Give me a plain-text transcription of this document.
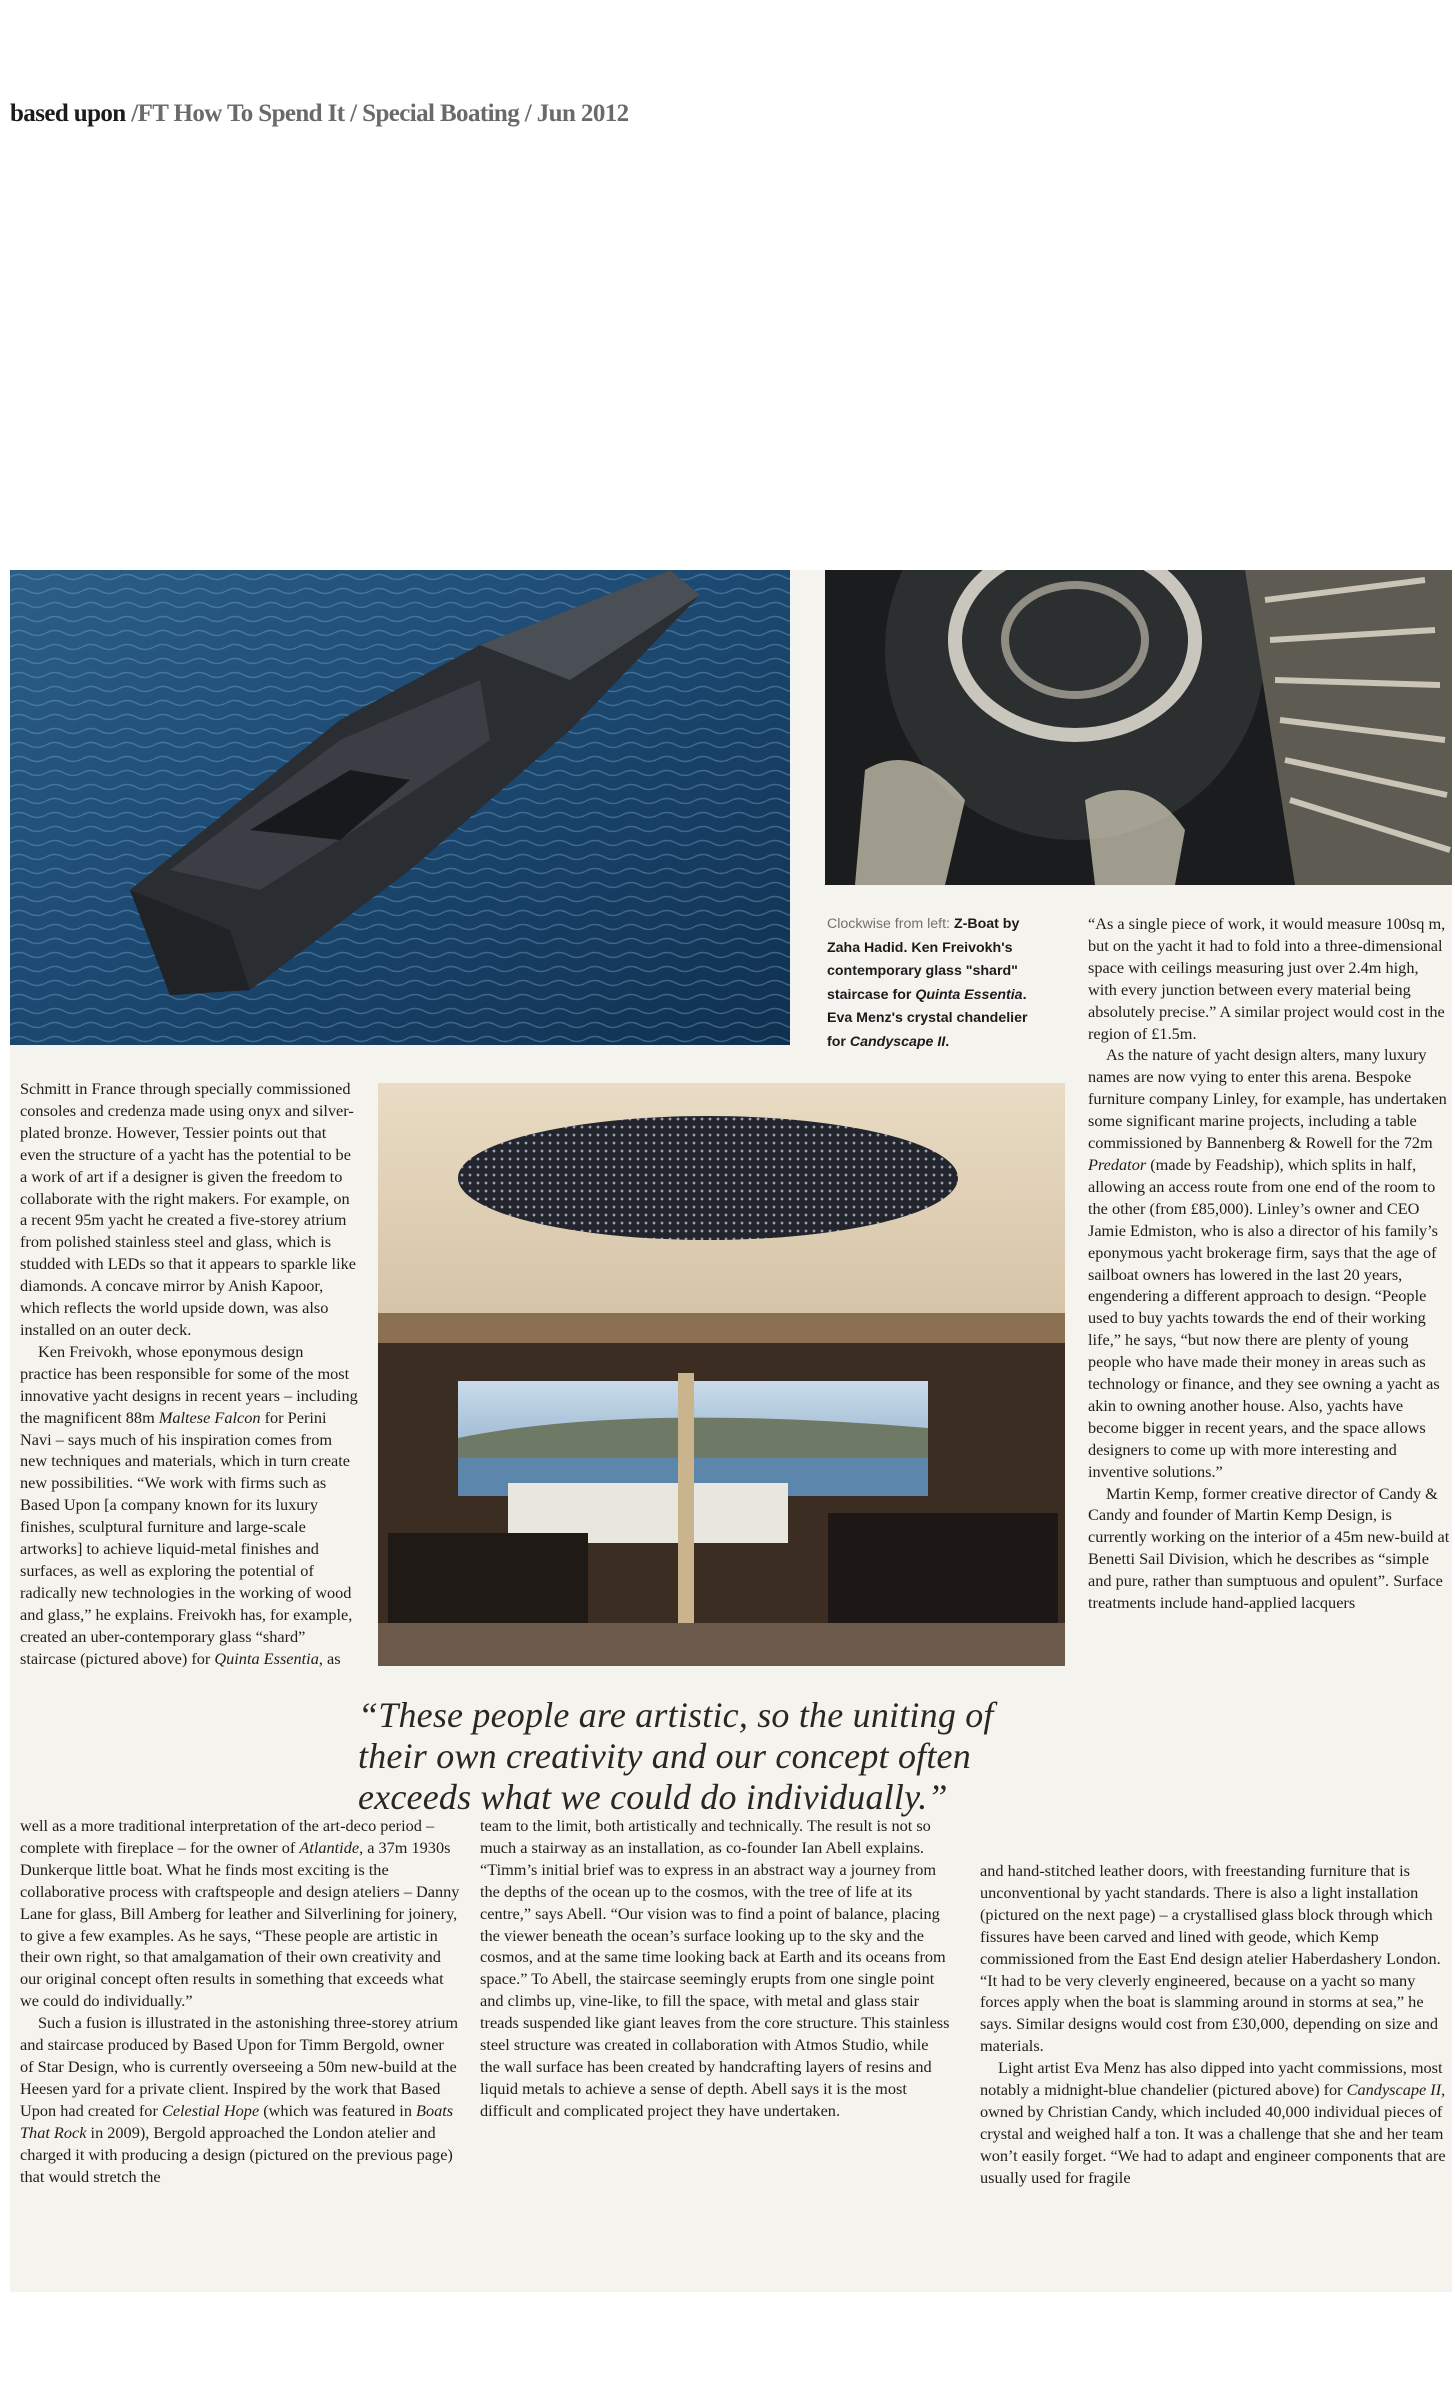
based upon /FT How To Spend It / Special Boating / Jun 2012
Clockwise from left: Z-Boat by Zaha Hadid. Ken Freivokh's contemporary glass "shard" staircase for Quinta Essentia. Eva Menz's crystal chandelier for Candyscape II.

Schmitt in France through specially commissioned consoles and credenza made using onyx and silver-plated bronze. However, Tessier points out that even the structure of a yacht has the potential to be a work of art if a designer is given the freedom to collaborate with the right makers. For example, on a recent 95m yacht he created a five-storey atrium from polished stainless steel and glass, which is studded with LEDs so that it appears to sparkle like diamonds. A concave mirror by Anish Kapoor, which reflects the world upside down, was also installed on an outer deck.

Ken Freivokh, whose eponymous design practice has been responsible for some of the most innovative yacht designs in recent years – including the magnificent 88m Maltese Falcon for Perini Navi – says much of his inspiration comes from new techniques and materials, which in turn create new possibilities. “We work with firms such as Based Upon [a company known for its luxury finishes, sculptural furniture and large-scale artworks] to achieve liquid-metal finishes and surfaces, as well as exploring the potential of radically new technologies in the working of wood and glass,” he explains. Freivokh has, for example, created an uber-contemporary glass “shard” staircase (pictured above) for Quinta Essentia, as

well as a more traditional interpretation of the art-deco period – complete with fireplace – for the owner of Atlantide, a 37m 1930s Dunkerque little boat. What he finds most exciting is the collaborative process with craftspeople and design ateliers – Danny Lane for glass, Bill Amberg for leather and Silverlining for joinery, to give a few examples. As he says, “These people are artistic in their own right, so that amalgamation of their own creativity and our original concept often results in something that exceeds what we could do individually.”

Such a fusion is illustrated in the astonishing three-storey atrium and staircase produced by Based Upon for Timm Bergold, owner of Star Design, who is currently overseeing a 50m new-build at the Heesen yard for a private client. Inspired by the work that Based Upon had created for Celestial Hope (which was featured in Boats That Rock in 2009), Bergold approached the London atelier and charged it with producing a design (pictured on the previous page) that would stretch the

“These people are artistic, so the uniting of their own creativity and our concept often exceeds what we could do individually.”

team to the limit, both artistically and technically. The result is not so much a stairway as an installation, as co-founder Ian Abell explains. “Timm’s initial brief was to express in an abstract way a journey from the depths of the ocean up to the cosmos, with the tree of life at its centre,” says Abell. “Our vision was to find a point of balance, placing the viewer beneath the ocean’s surface looking up to the sky and the cosmos, and at the same time looking back at Earth and its oceans from space.” To Abell, the staircase seemingly erupts from one single point and climbs up, vine-like, to fill the space, with metal and glass stair treads suspended like giant leaves from the core structure. This stainless steel structure was created in collaboration with Atmos Studio, while the wall surface has been created by handcrafting layers of resins and liquid metals to achieve a sense of depth. Abell says it is the most difficult and complicated project they have undertaken.

“As a single piece of work, it would measure 100sq m, but on the yacht it had to fold into a three-dimensional space with ceilings measuring just over 2.4m high, with every junction between every material being absolutely precise.” A similar project would cost in the region of £1.5m.

As the nature of yacht design alters, many luxury names are now vying to enter this arena. Bespoke furniture company Linley, for example, has undertaken some significant marine projects, including a table commissioned by Bannenberg & Rowell for the 72m Predator (made by Feadship), which splits in half, allowing an access route from one end of the room to the other (from £85,000). Linley’s owner and CEO Jamie Edmiston, who is also a director of his family’s eponymous yacht brokerage firm, says that the age of sailboat owners has lowered in the last 20 years, engendering a different approach to design. “People used to buy yachts towards the end of their working life,” he says, “but now there are plenty of young people who have made their money in areas such as technology or finance, and they see owning a yacht as akin to owning another house. Also, yachts have become bigger in recent years, and the space allows designers to come up with more interesting and inventive solutions.”

Martin Kemp, former creative director of Candy & Candy and founder of Martin Kemp Design, is currently working on the interior of a 45m new-build at Benetti Sail Division, which he describes as “simple and pure, rather than sumptuous and opulent”. Surface treatments include hand-applied lacquers

and hand-stitched leather doors, with freestanding furniture that is unconventional by yacht standards. There is also a light installation (pictured on the next page) – a crystallised glass block through which fissures have been carved and lined with geode, which Kemp commissioned from the East End design atelier Haberdashery London. “It had to be very cleverly engineered, because on a yacht so many forces apply when the boat is slamming around in storms at sea,” he says. Similar designs would cost from £30,000, depending on size and materials.

Light artist Eva Menz has also dipped into yacht commissions, most notably a midnight-blue chandelier (pictured above) for Candyscape II, owned by Christian Candy, which included 40,000 individual pieces of crystal and weighed half a ton. It was a challenge that she and her team won’t easily forget. “We had to adapt and engineer components that are usually used for fragile
